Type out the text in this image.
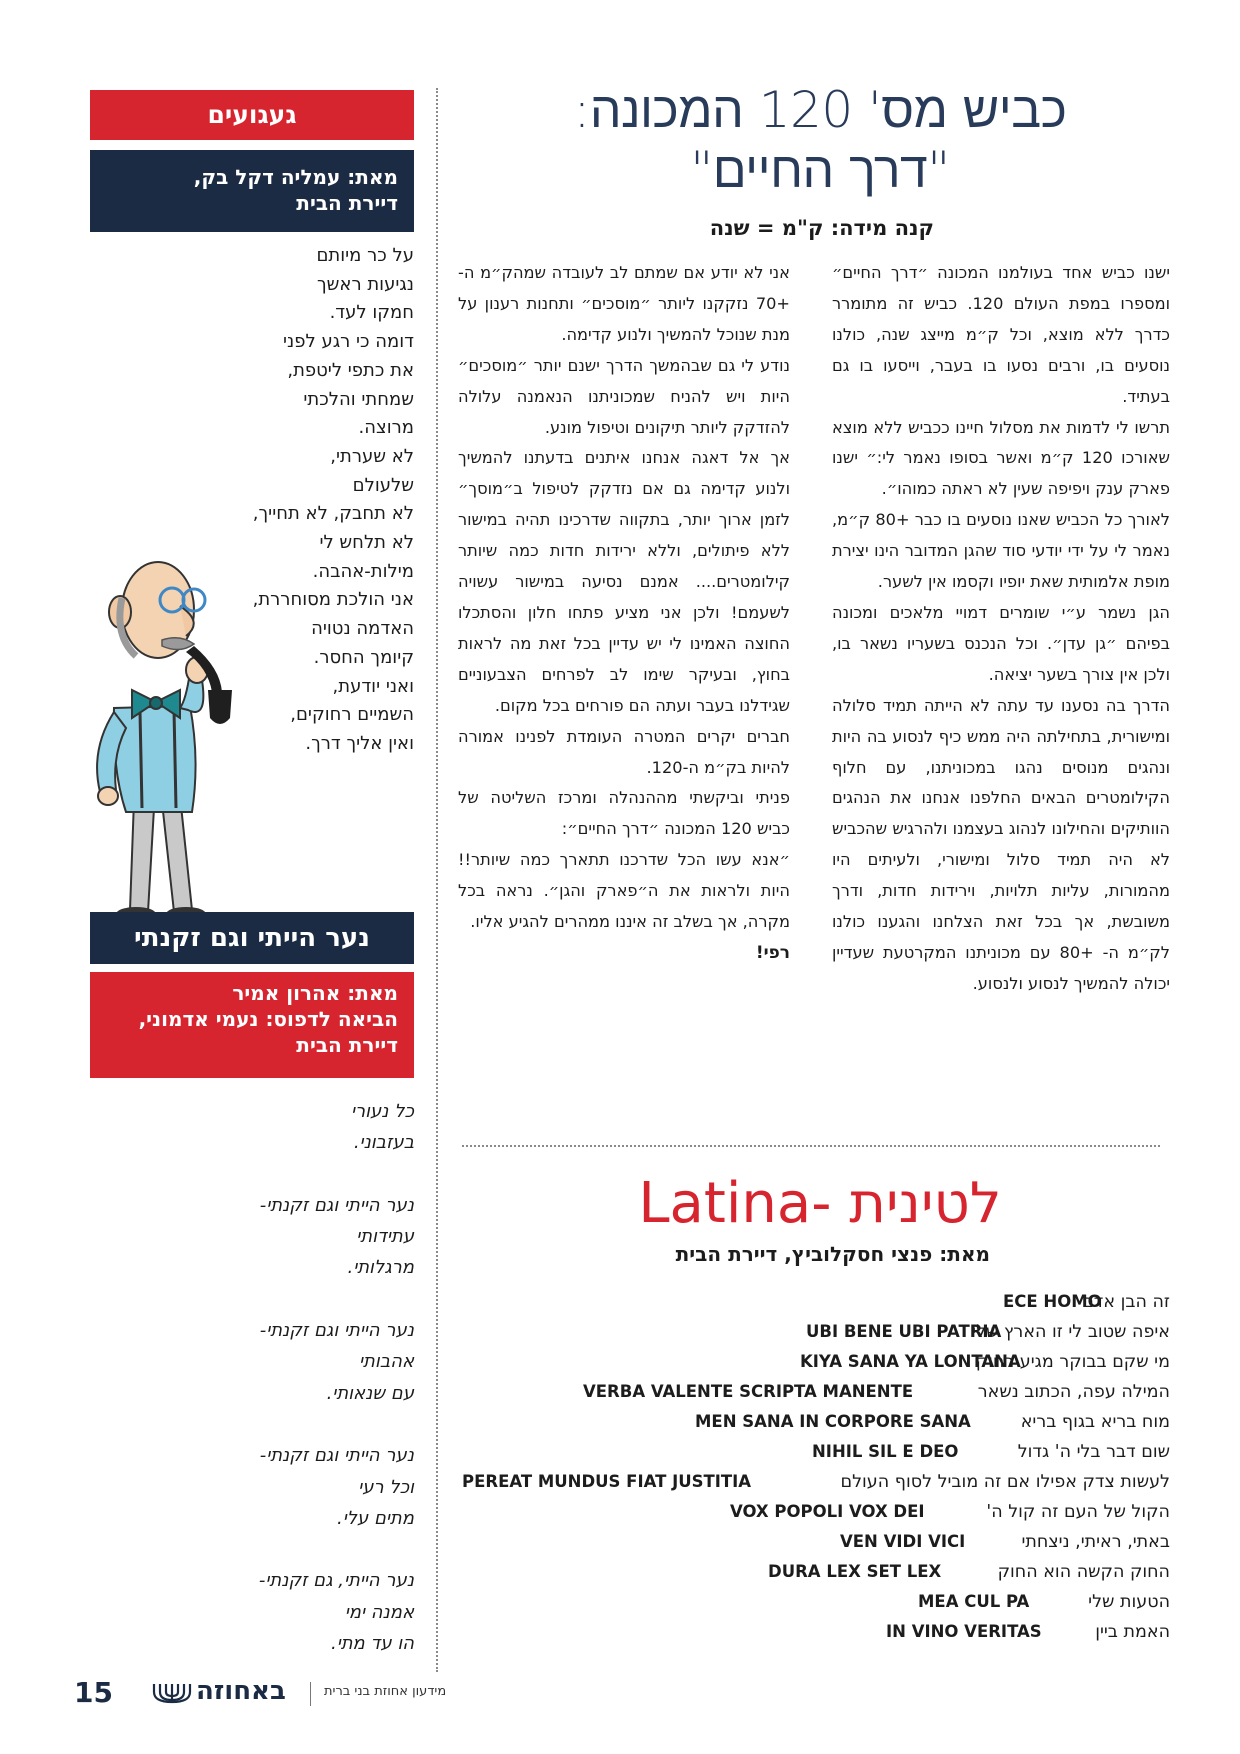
כביש מס' 120 המכונה:
"דרך החיים"
קנה מידה: ק"מ = שנה

ישנו כביש אחד בעולמנו המכונה ״דרך החיים״ ומספרו במפת העולם 120. כביש זה מתומרר כדרך ללא מוצא, וכל ק״מ מייצג שנה, כולנו נוסעים בו, ורבים נסעו בו בעבר, וייסעו בו גם בעתיד.

תרשו לי לדמות את מסלול חיינו ככביש ללא מוצא שאורכו 120 ק״מ ואשר בסופו נאמר לי:״ ישנו פארק ענק ויפיפה שעין לא ראתה כמוהו״.

לאורך כל הכביש שאנו נוסעים בו כבר +80 ק״מ, נאמר לי על ידי יודעי סוד שהגן המדובר הינו יצירת מופת אלמותית שאת יופיו וקסמו אין לשער.

הגן נשמר ע״י שומרים דמויי מלאכים ומכונה בפיהם ״גן עדן״. וכל הנכנס בשעריו נשאר בו, ולכן אין צורך בשער יציאה.

הדרך בה נסענו עד עתה לא הייתה תמיד סלולה ומישורית, בתחילתה היה ממש כיף לנסוע בה היות ונהגים מנוסים נהגו במכוניתנו, עם חלוף הקילומטרים הבאים החלפנו אנחנו את הנהגים הוותיקים והחילונו לנהוג בעצמנו ולהרגיש שהכביש לא היה תמיד סלול ומישורי, ולעיתים היו מהמורות, עליות תלויות, וירידות חדות, ודרך משובשת, אך בכל זאת הצלחנו והגענו כולנו לק״מ ה- +80 עם מכוניתנו המקרטעת שעדיין יכולה להמשיך לנסוע ולנסוע.

אני לא יודע אם שמתם לב לעובדה שמהק״מ ה- +70 נזקקנו ליותר ״מוסכים״ ותחנות רענון על מנת שנוכל להמשיך ולנוע קדימה.

נודע לי גם שבהמשך הדרך ישנם יותר ״מוסכים״ היות ויש להניח שמכוניתנו הנאמנה עלולה להזדקק ליותר תיקונים וטיפול מונע.

אך אל דאגה אנחנו איתנים בדעתנו להמשיך ולנוע קדימה גם אם נזדקק לטיפול ב״מוסך״ לזמן ארוך יותר, בתקווה שדרכינו תהיה במישור ללא פיתולים, וללא ירידות חדות כמה שיותר קילומטרים.... אמנם נסיעה במישור עשויה לשעמם! ולכן אני מציע פתחו חלון והסתכלו החוצה האמינו לי יש עדיין בכל זאת מה לראות בחוץ, ובעיקר שימו לב לפרחים הצבעוניים שגידלנו בעבר ועתה הם פורחים בכל מקום.

חברים יקרים המטרה העומדת לפנינו אמורה להיות בק״מ ה-120.

פניתי וביקשתי מההנהלה ומרכז השליטה של כביש 120 המכונה ״דרך החיים״:

״אנא עשו הכל שדרכנו תתארך כמה שיותר!! היות ולראות את ה״פארק והגן״. נראה בכל מקרה, אך בשלב זה איננו ממהרים להגיע אליו.

רפי!
Latina- לטינית
מאת: פנצי חסקלוביץ, דיירת הבית
זה הבן אדם
ECE HOMO
איפה שטוב לי זו הארץ שלי
UBI BENE UBI PATRIA
מי שקם בבוקר מגיע רחוק
KIYA SANA YA LONTANA
המילה עפה, הכתוב נשאר
VERBA VALENTE SCRIPTA MANENTE
מוח בריא בגוף בריא
MEN SANA IN CORPORE SANA
שום דבר בלי ה' גדול
NIHIL SIL E DEO
לעשות צדק אפילו אם זה מוביל לסוף העולם
PEREAT MUNDUS FIAT JUSTITIA
הקול של העם זה קול ה'
VOX POPOLI VOX DEI
באתי, ראיתי, ניצחתי
VEN VIDI VICI
החוק הקשה הוא החוק
DURA LEX SET LEX
הטעות שלי
MEA CUL PA
האמת ביין
IN VINO VERITAS
געגועים
מאת: עמליה דקל בק,
דיירת הבית

על כר מיותם

נגיעות ראשך

חמקו לעד.

דומה כי רגע לפני

את כתפי ליטפת,

שמחתי והלכתי

מרוצה.

לא שערתי,

שלעולם

לא תחבק, לא תחייך,

לא תלחש לי

מילות-אהבה.

אני הולכת מסוחררת,

האדמה נטויה

קיומך החסר.

ואני יודעת,

השמיים רחוקים,

ואין אליך דרך.

נער הייתי וגם זקנתי
מאת: אהרון אמיר
הביאה לדפוס: נעמי אדמוני,
דיירת הבית

כל נעורי

בעזבוני.

נער הייתי וגם זקנתי-

עתידותי

מרגלותי.

נער הייתי וגם זקנתי-

אהבותי

עם שנאותי.

נער הייתי וגם זקנתי-

וכל רעי

מתים עלי.

נער הייתי, גם זקנתי-

אמנה ימי

הו עד מתי.

15	באחוזה	מידעון אחוזת בני ברית
